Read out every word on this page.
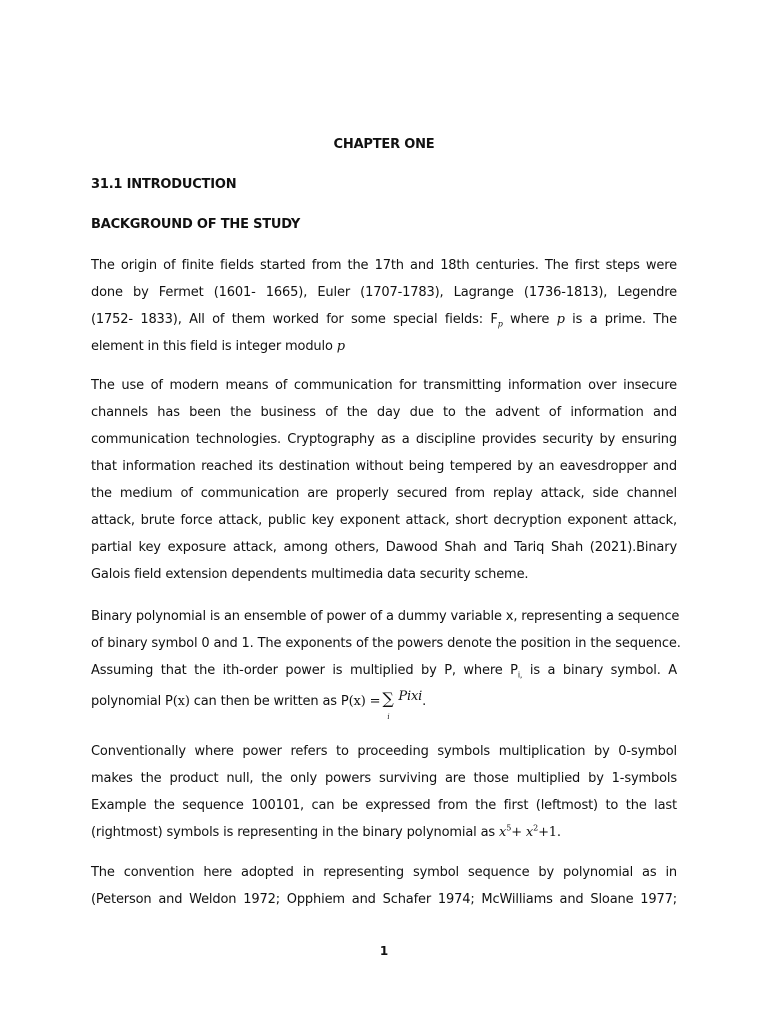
CHAPTER ONE
31.1 INTRODUCTION
BACKGROUND OF THE STUDY
The origin of finite fields started from the 17th and 18th centuries. The first steps were
done by Fermet (1601- 1665), Euler (1707-1783), Lagrange (1736-1813), Legendre
(1752- 1833), All of them worked for some special fields: $F_p$ where p is a prime. The
element in this field is integer modulo p
The use of modern means of communication for transmitting information over insecure
channels has been the business of the day due to the advent of information and
communication technologies. Cryptography as a discipline provides security by ensuring
that information reached its destination without being tempered by an eavesdropper and
the medium of communication are properly secured from replay attack, side channel
attack, brute force attack, public key exponent attack, short decryption exponent attack,
partial key exposure attack, among others, Dawood Shah and Tariq Shah (2021).Binary
Galois field extension dependents multimedia data security scheme.
Binary polynomial is an ensemble of power of a dummy variable x, representing a sequence
of binary symbol 0 and 1. The exponents of the powers denote the position in the sequence.
Assuming that the ith-order power is multiplied by P, where $P_{i,}$ is a binary symbol. A
polynomial P(x) can then be written as P(x) = ∑
i
Pixi.
Conventionally where power refers to proceeding symbols multiplication by 0-symbol
makes the product null, the only powers surviving are those multiplied by 1-symbols
Example the sequence 100101, can be expressed from the first (leftmost) to the last
(rightmost) symbols is representing in the binary polynomial as $x^5+ x^2+1$.
The convention here adopted in representing symbol sequence by polynomial as in
(Peterson and Weldon 1972; Opphiem and Schafer 1974; McWilliams and Sloane 1977;
1
